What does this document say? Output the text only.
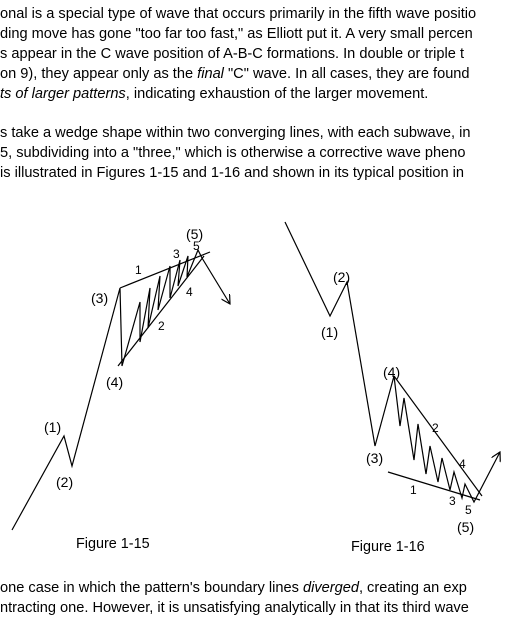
onal is a special type of wave that occurs primarily in the fifth wave positio
ding move has gone "too far too fast," as Elliott put it. A very small percen
s appear in the C wave position of A-B-C formations. In double or triple t
on 9), they appear only as the final "C" wave. In all cases, they are found
ts of larger patterns, indicating exhaustion of the larger movement.
s take a wedge shape within two converging lines, with each subwave, in
5, subdividing into a "three," which is otherwise a corrective wave pheno
is illustrated in Figures 1-15 and 1-16 and shown in its typical position in
(1)
(2)
(3)
(4)
(5)
1
2
3
4
5
(1)
(2)
(3)
(4)
(5)
1
2
3
4
5
Figure 1-15	Figure 1-16
one case in which the pattern's boundary lines diverged, creating an exp
ntracting one. However, it is unsatisfying analytically in that its third wave
